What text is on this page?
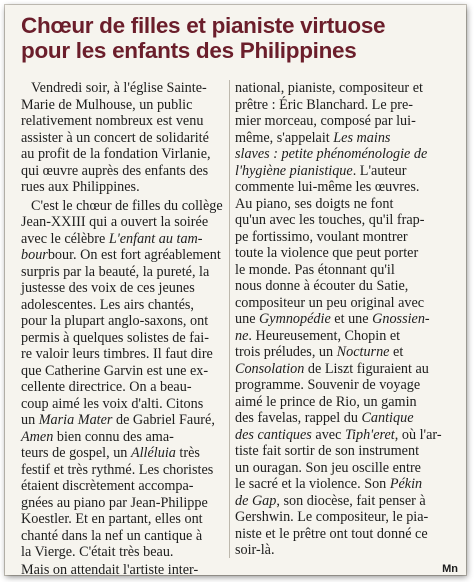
Chœur de filles et pianiste virtuose
pour les enfants des Philippines
Vendredi soir, à l'église Sainte-
Marie de Mulhouse, un public
relativement nombreux est venu
assister à un concert de solidarité
au profit de la fondation Virlanie,
qui œuvre auprès des enfants des
rues aux Philippines.
C'est le chœur de filles du collège
Jean-XXIII qui a ouvert la soirée
avec le célèbre L'enfant au tam-
bourbour. On est fort agréablement
surpris par la beauté, la pureté, la
justesse des voix de ces jeunes
adolescentes. Les airs chantés,
pour la plupart anglo-saxons, ont
permis à quelques solistes de fai-
re valoir leurs timbres. Il faut dire
que Catherine Garvin est une ex-
cellente directrice. On a beau-
coup aimé les voix d'alti. Citons
un Maria Mater de Gabriel Fauré,
Amen bien connu des ama-
teurs de gospel, un Alléluia très
festif et très rythmé. Les choristes
étaient discrètement accompa-
gnées au piano par Jean-Philippe
Koestler. Et en partant, elles ont
chanté dans la nef un cantique à
la Vierge. C'était très beau.
national, pianiste, compositeur et
prêtre : Éric Blanchard. Le pre-
mier morceau, composé par lui-
même, s'appelait Les mains
slaves : petite phénoménologie de
l'hygiène pianistique. L'auteur
commente lui-même les œuvres.
Au piano, ses doigts ne font
qu'un avec les touches, qu'il frap-
pe fortissimo, voulant montrer
toute la violence que peut porter
le monde. Pas étonnant qu'il
nous donne à écouter du Satie,
compositeur un peu original avec
une Gymnopédie et une Gnossien-
ne. Heureusement, Chopin et
trois préludes, un Nocturne et
Consolation de Liszt figuraient au
programme. Souvenir de voyage
aimé le prince de Rio, un gamin
des favelas, rappel du Cantique
des cantiques avec Tiph'eret, où l'ar-
tiste fait sortir de son instrument
un ouragan. Son jeu oscille entre
le sacré et la violence. Son Pékin
de Gap, son diocèse, fait penser à
Gershwin. Le compositeur, le pia-
niste et le prêtre ont tout donné ce
soir-là.
Mais on attendait l'artiste inter-	Mn
